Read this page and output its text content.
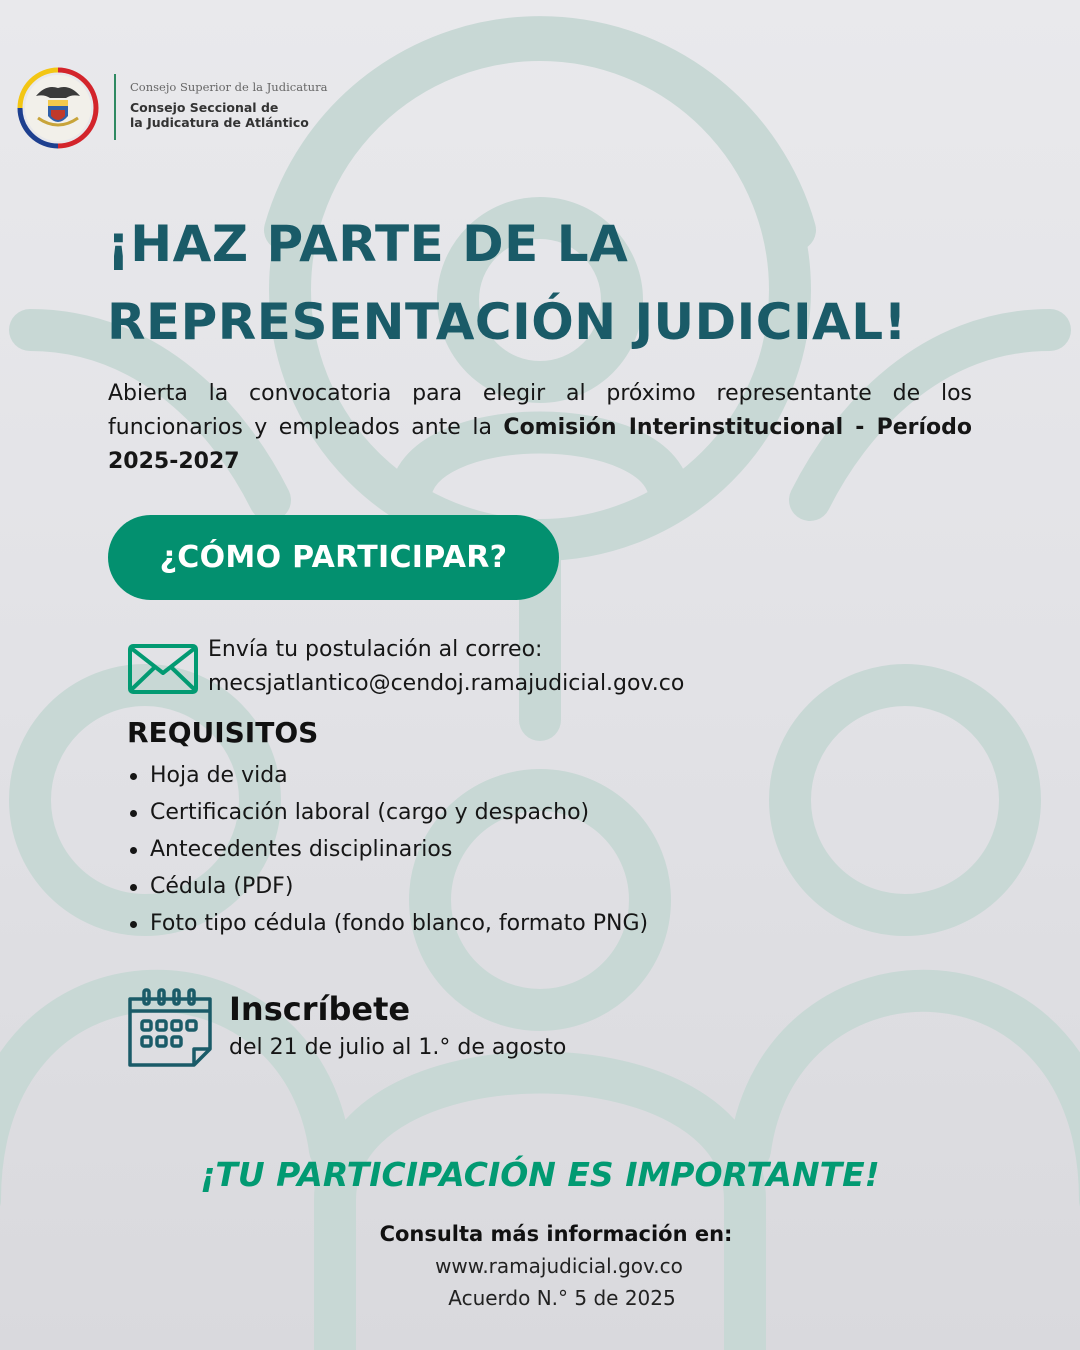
Consejo Superior de la Judicatura
Consejo Seccional de
la Judicatura de Atlántico
¡HAZ PARTE DE LA
REPRESENTACIÓN JUDICIAL!

Abierta la convocatoria para elegir al próximo representante de los funcionarios y empleados ante la Comisión Interinstitucional - Período 2025-2027

¿CÓMO PARTICIPAR?
Envía tu postulación al correo:
mecsjatlantico@cendoj.ramajudicial.gov.co
REQUISITOS
Hoja de vida
Certificación laboral (cargo y despacho)
Antecedentes disciplinarios
Cédula (PDF)
Foto tipo cédula (fondo blanco, formato PNG)
Inscríbete
del 21 de julio al 1.° de agosto
¡TU PARTICIPACIÓN ES IMPORTANTE!
Consulta más información en:
www.ramajudicial.gov.co
Acuerdo N.° 5 de 2025
